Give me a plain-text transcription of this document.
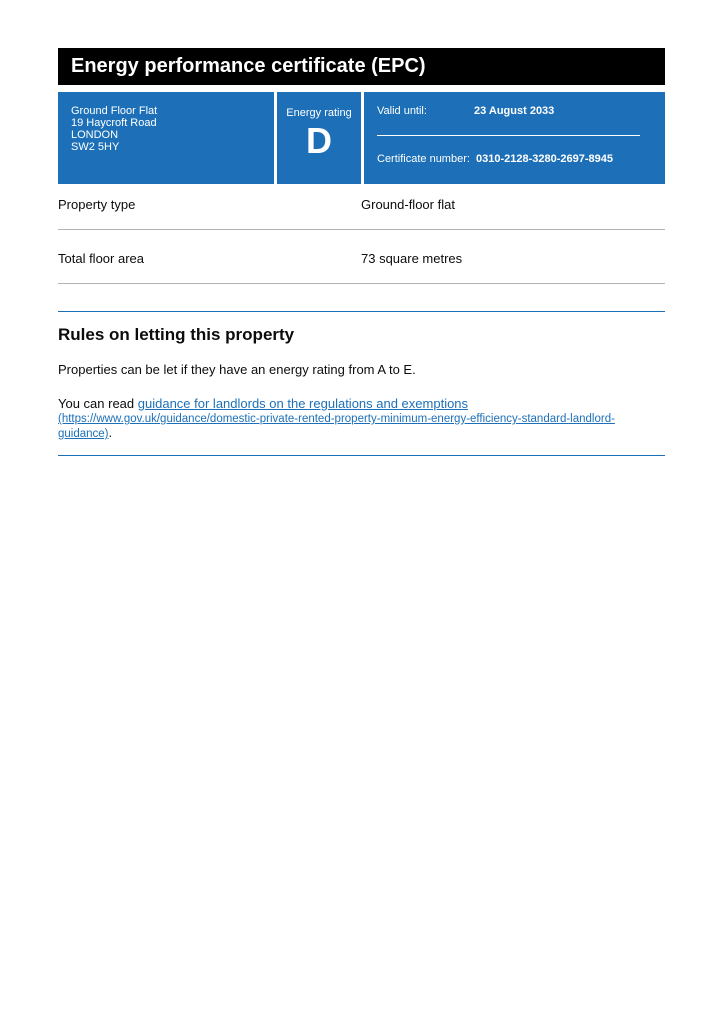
Energy performance certificate (EPC)
Ground Floor Flat
19 Haycroft Road
LONDON
SW2 5HY
Energy rating
D
Valid until:	23 August 2033
Certificate number: 0310-2128-3280-2697-8945
Property type	Ground-floor flat
Total floor area	73 square metres
Rules on letting this property
Properties can be let if they have an energy rating from A to E.
You can read guidance for landlords on the regulations and exemptions (https://www.gov.uk/guidance/domestic-private-rented-property-minimum-energy-efficiency-standard-landlord-guidance).
